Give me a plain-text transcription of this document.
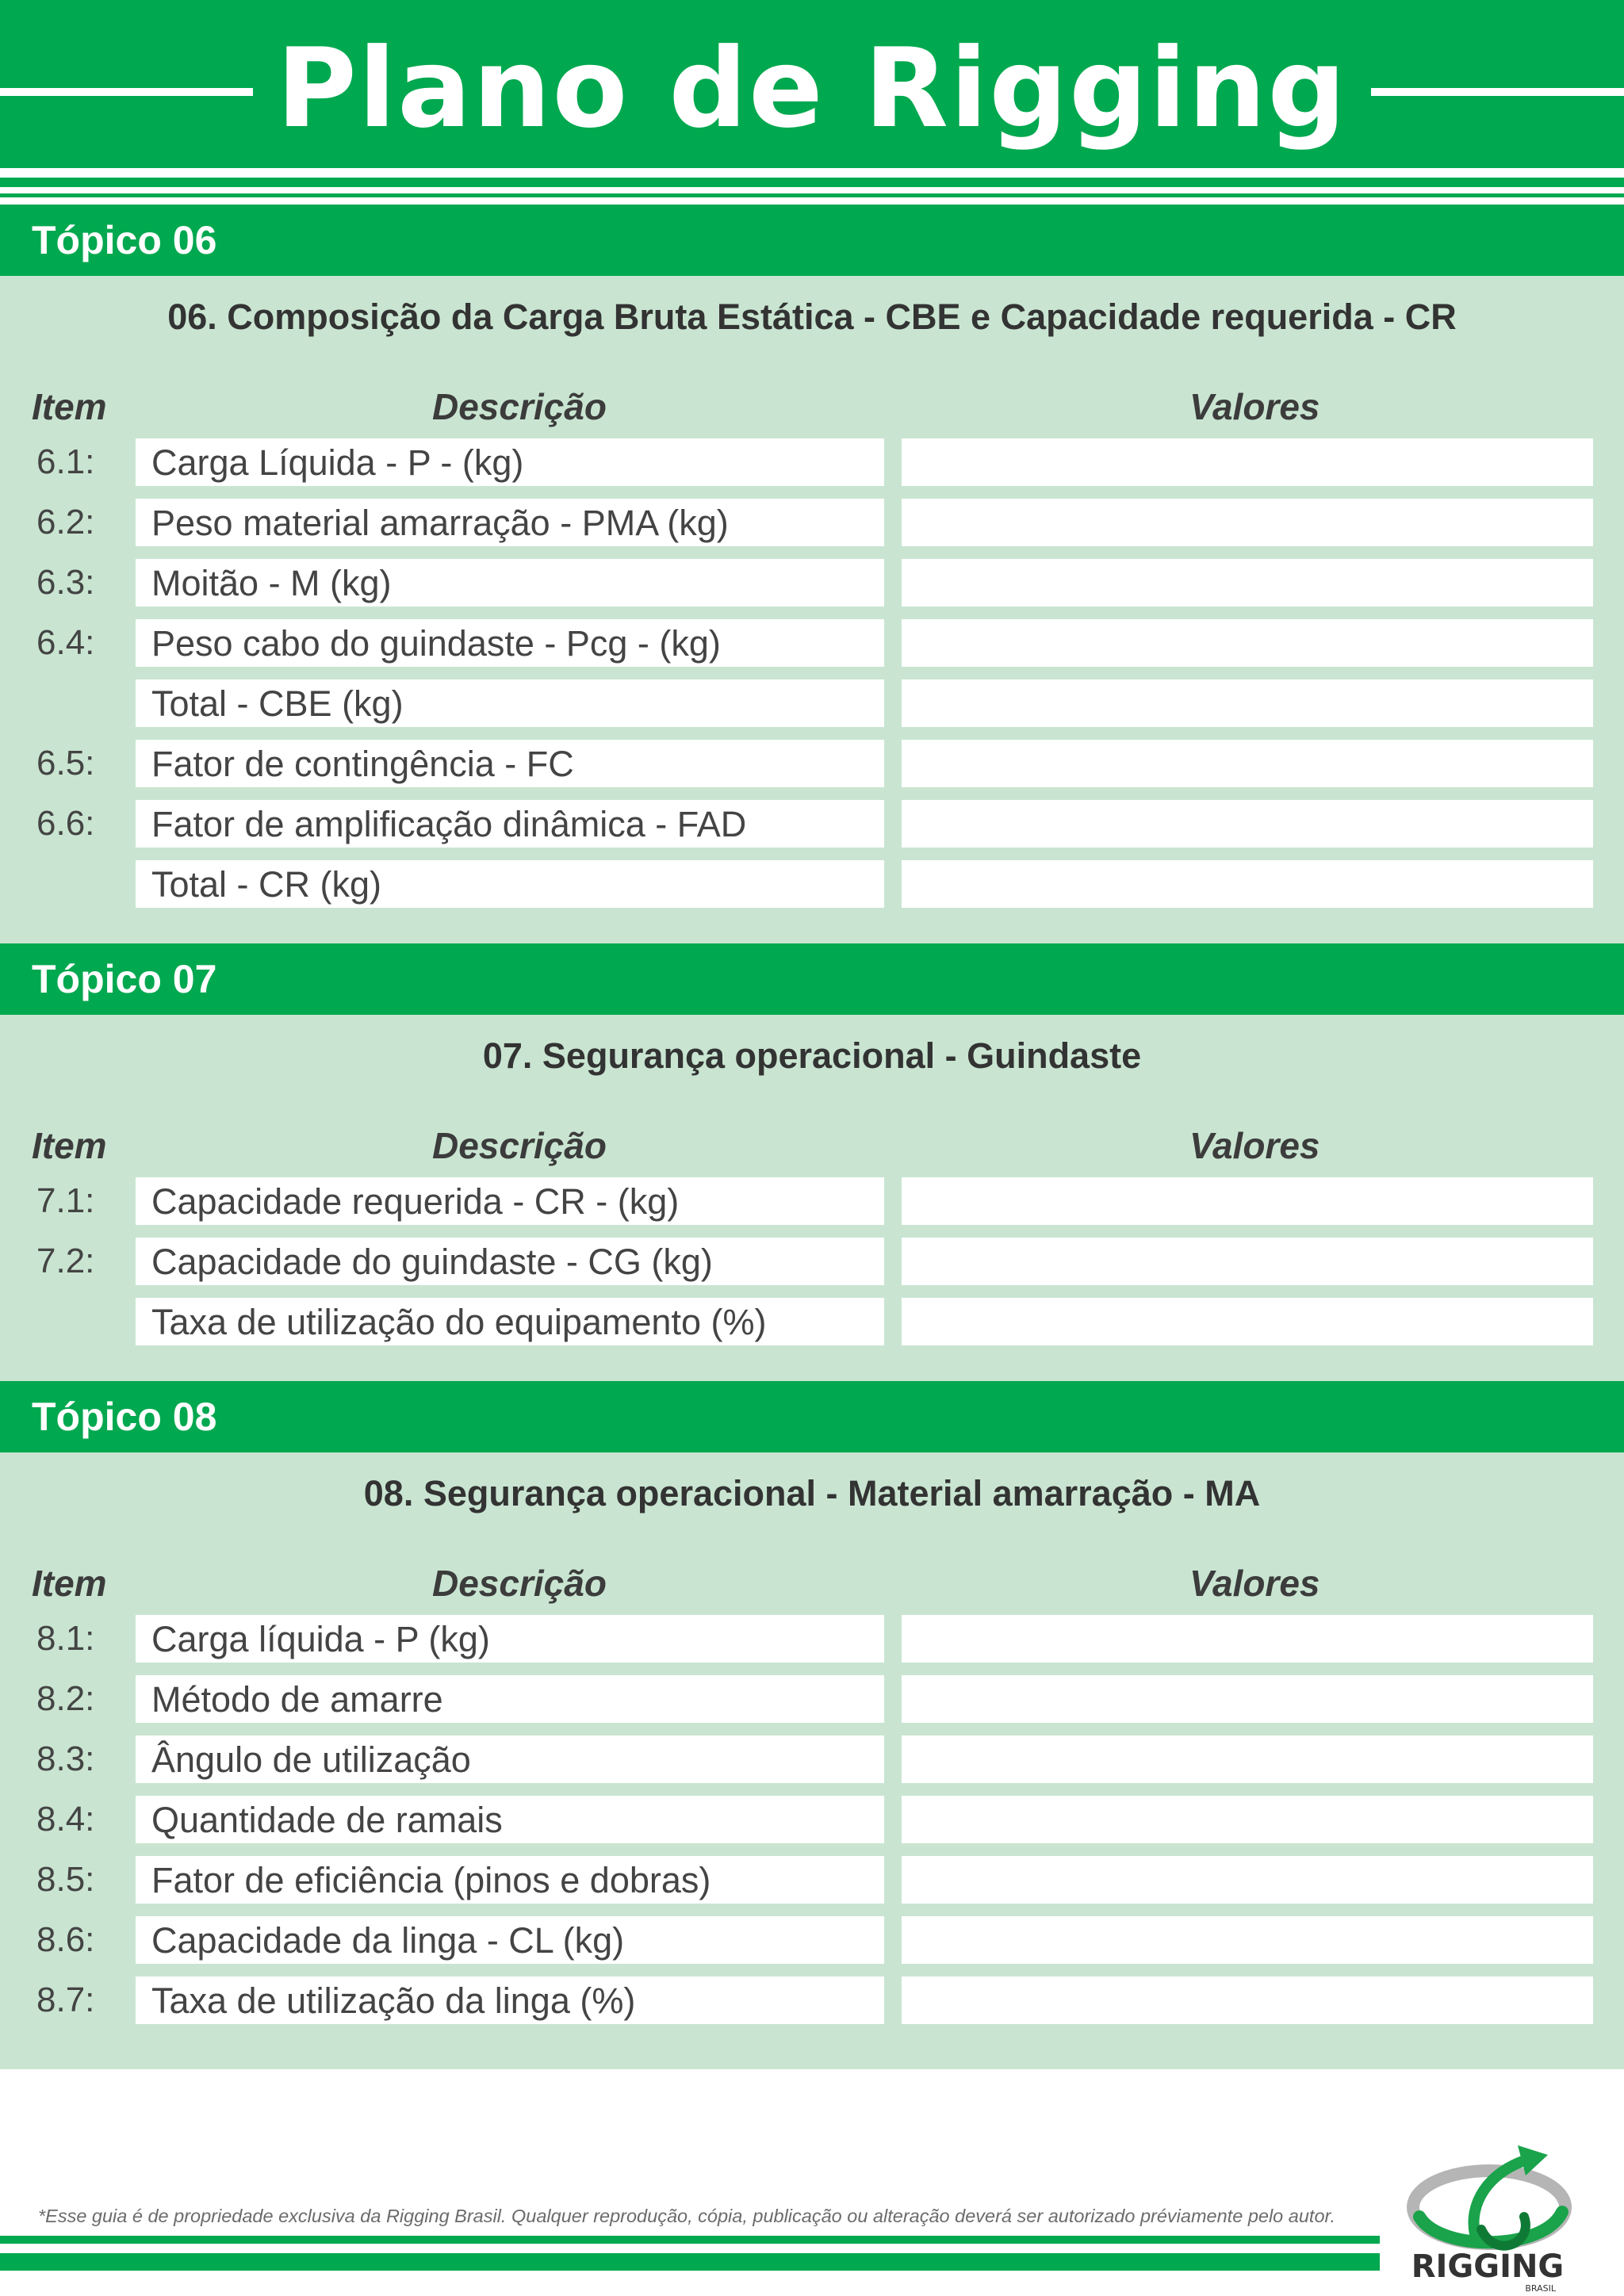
Plano de Rigging
Tópico 06
06. Composição da Carga Bruta Estática - CBE e Capacidade requerida - CR
Item	Descrição	Valores
6.1:	Carga Líquida - P - (kg)
6.2:	Peso material amarração - PMA (kg)
6.3:	Moitão - M (kg)
6.4:	Peso cabo do guindaste - Pcg - (kg)
Total - CBE (kg)
6.5:	Fator de contingência - FC
6.6:	Fator de amplificação dinâmica - FAD
Total - CR (kg)
Tópico 07
07. Segurança operacional - Guindaste
Item	Descrição	Valores
7.1:	Capacidade requerida - CR - (kg)
7.2:	Capacidade do guindaste - CG (kg)
Taxa de utilização do equipamento (%)
Tópico 08
08. Segurança operacional - Material amarração - MA
Item	Descrição	Valores
8.1:	Carga líquida - P (kg)
8.2:	Método de amarre
8.3:	Ângulo de utilização
8.4:	Quantidade de ramais
8.5:	Fator de eficiência (pinos e dobras)
8.6:	Capacidade da linga - CL (kg)
8.7:	Taxa de utilização da linga (%)
*Esse guia é de propriedade exclusiva da Rigging Brasil. Qualquer reprodução, cópia, publicação ou alteração deverá ser autorizado préviamente pelo autor.
RIGGING
BRASIL
